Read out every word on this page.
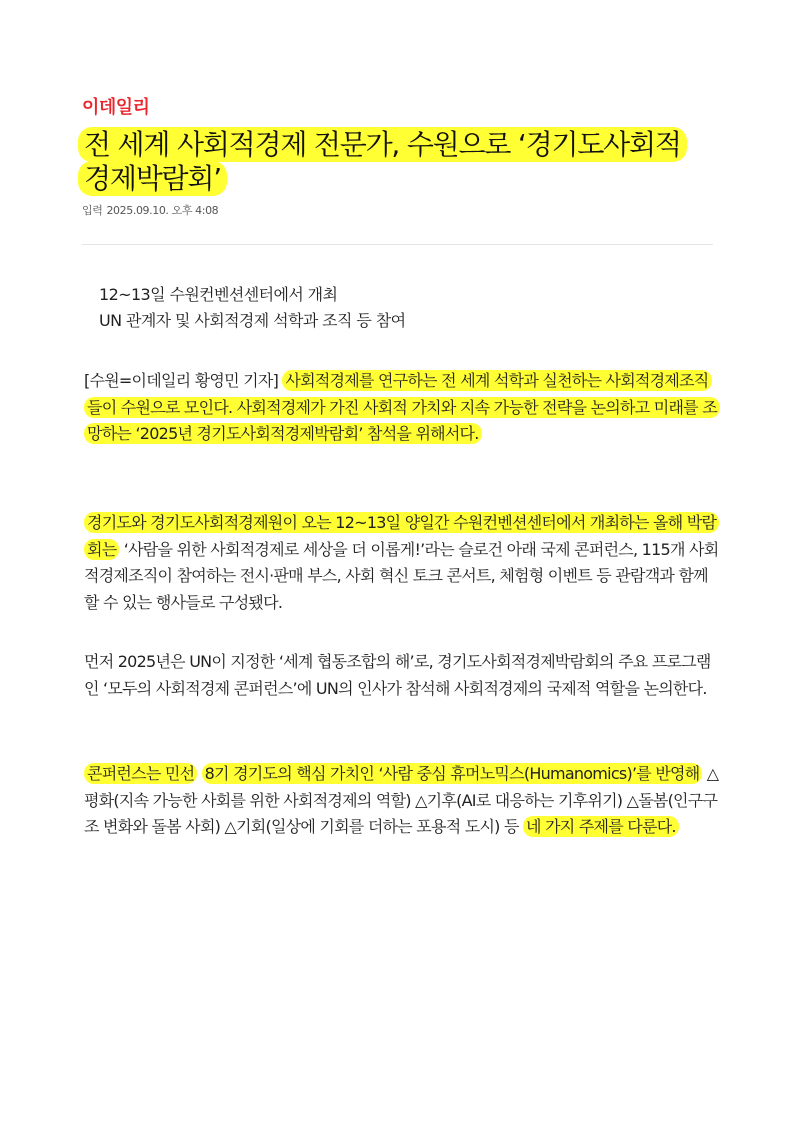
이데일리
전 세계 사회적경제 전문가, 수원으로 ‘경기도사회적
경제박람회’
입력 2025.09.10. 오후 4:08
12~13일 수원컨벤션센터에서 개최
UN 관계자 및 사회적경제 석학과 조직 등 참여

[수원=이데일리 황영민 기자] 사회적경제를 연구하는 전 세계 석학과 실천하는 사회적경제조직들이 수원으로 모인다. 사회적경제가 가진 사회적 가치와 지속 가능한 전략을 논의하고 미래를 조망하는 ‘2025년 경기도사회적경제박람회’ 참석을 위해서다.

경기도와 경기도사회적경제원이 오는 12~13일 양일간 수원컨벤션센터에서 개최하는 올해 박람회는 ‘사람을 위한 사회적경제로 세상을 더 이롭게!’라는 슬로건 아래 국제 콘퍼런스, 115개 사회적경제조직이 참여하는 전시·판매 부스, 사회 혁신 토크 콘서트, 체험형 이벤트 등 관람객과 함께할 수 있는 행사들로 구성됐다.

먼저 2025년은 UN이 지정한 ‘세계 협동조합의 해’로, 경기도사회적경제박람회의 주요 프로그램인 ‘모두의 사회적경제 콘퍼런스’에 UN의 인사가 참석해 사회적경제의 국제적 역할을 논의한다.

콘퍼런스는 민선 8기 경기도의 핵심 가치인 ‘사람 중심 휴머노믹스(Humanomics)’를 반영해 △평화(지속 가능한 사회를 위한 사회적경제의 역할) △기후(AI로 대응하는 기후위기) △돌봄(인구구조 변화와 돌봄 사회) △기회(일상에 기회를 더하는 포용적 도시) 등 네 가지 주제를 다룬다.
